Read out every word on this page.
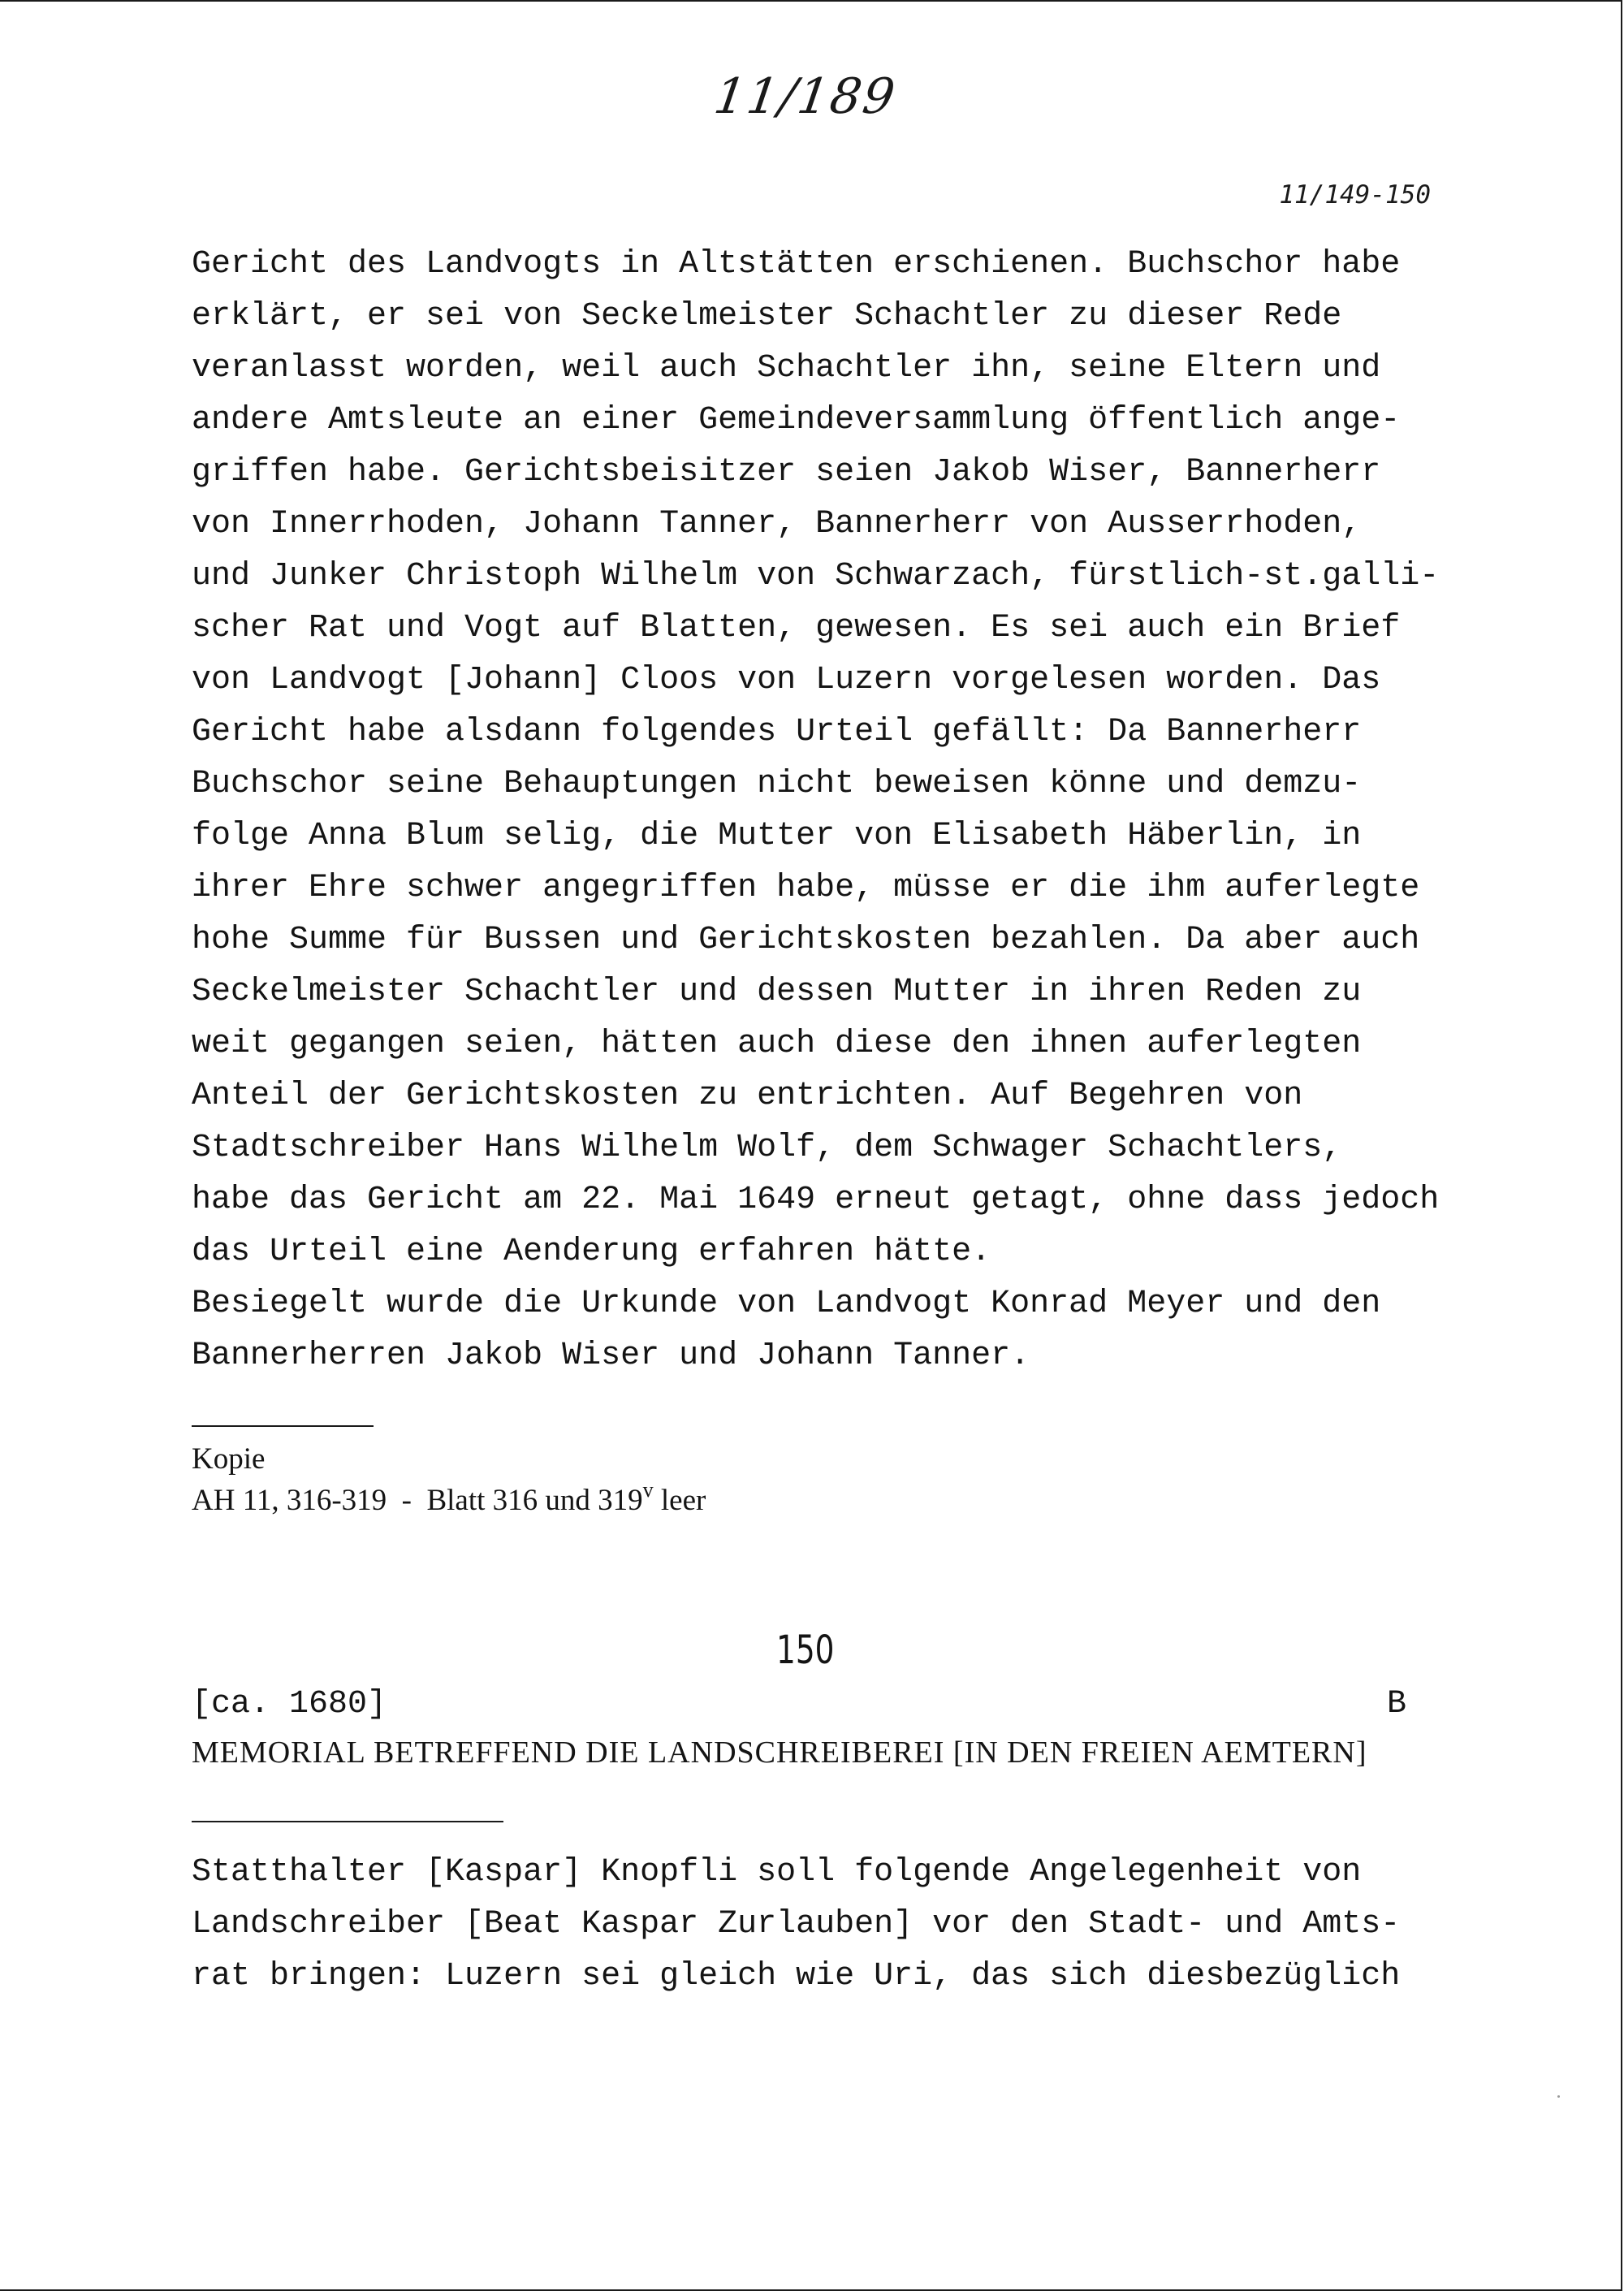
11/189
11/149-150
Gericht des Landvogts in Altstätten erschienen. Buchschor habe
erklärt, er sei von Seckelmeister Schachtler zu dieser Rede
veranlasst worden, weil auch Schachtler ihn, seine Eltern und
andere Amtsleute an einer Gemeindeversammlung öffentlich ange-
griffen habe. Gerichtsbeisitzer seien Jakob Wiser, Bannerherr
von Innerrhoden, Johann Tanner, Bannerherr von Ausserrhoden,
und Junker Christoph Wilhelm von Schwarzach, fürstlich-st.galli-
scher Rat und Vogt auf Blatten, gewesen. Es sei auch ein Brief
von Landvogt [Johann] Cloos von Luzern vorgelesen worden. Das
Gericht habe alsdann folgendes Urteil gefällt: Da Bannerherr
Buchschor seine Behauptungen nicht beweisen könne und demzu-
folge Anna Blum selig, die Mutter von Elisabeth Häberlin, in
ihrer Ehre schwer angegriffen habe, müsse er die ihm auferlegte
hohe Summe für Bussen und Gerichtskosten bezahlen. Da aber auch
Seckelmeister Schachtler und dessen Mutter in ihren Reden zu
weit gegangen seien, hätten auch diese den ihnen auferlegten
Anteil der Gerichtskosten zu entrichten. Auf Begehren von
Stadtschreiber Hans Wilhelm Wolf, dem Schwager Schachtlers,
habe das Gericht am 22. Mai 1649 erneut getagt, ohne dass jedoch
das Urteil eine Aenderung erfahren hätte.
Besiegelt wurde die Urkunde von Landvogt Konrad Meyer und den
Bannerherren Jakob Wiser und Johann Tanner.
Kopie
AH 11, 316-319  -  Blatt 316 und 319$^v$ leer
150
[ca. 1680]	B
MEMORIAL BETREFFEND DIE LANDSCHREIBEREI [IN DEN FREIEN AEMTERN]
Statthalter [Kaspar] Knopfli soll folgende Angelegenheit von
Landschreiber [Beat Kaspar Zurlauben] vor den Stadt- und Amts-
rat bringen: Luzern sei gleich wie Uri, das sich diesbezüglich
